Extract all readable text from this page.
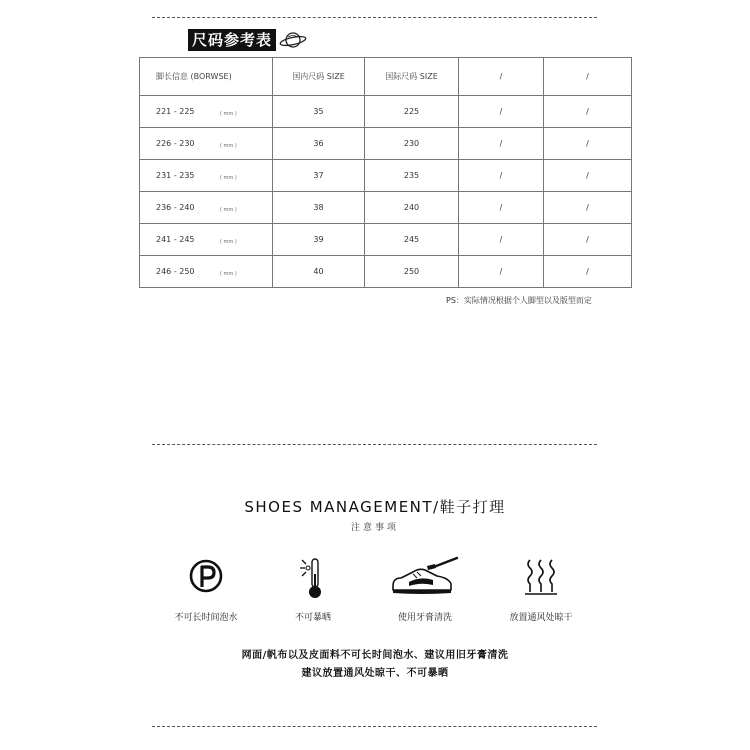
尺码参考表
脚长信息 (BORWSE)	国内尺码 SIZE	国际尺码 SIZE	/	/
221 - 225 ( mm )	35	225	/	/
226 - 230 ( mm )	36	230	/	/
231 - 235 ( mm )	37	235	/	/
236 - 240 ( mm )	38	240	/	/
241 - 245 ( mm )	39	245	/	/
246 - 250 ( mm )	40	250	/	/
PS：实际情况根据个人脚型以及版型而定
SHOES MANAGEMENT/鞋子打理
注意事项
不可长时间泡水	不可暴晒	使用牙膏清洗	放置通风处晾干
网面/帆布以及皮面料不可长时间泡水、建议用旧牙膏清洗
建议放置通风处晾干、不可暴晒
